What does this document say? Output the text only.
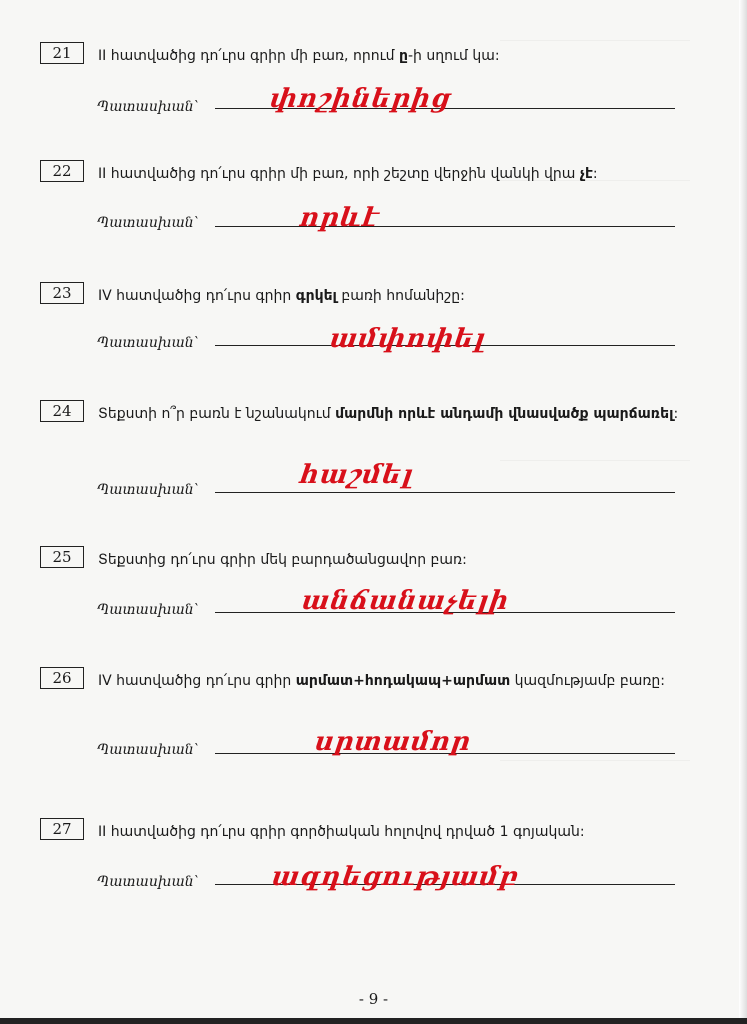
21	II հատվածից դո՛ւրս գրիր մի բառ, որում ը-ի սղում կա:
Պատասխան՝	փոշիներից
22	II հատվածից դո՛ւրս գրիր մի բառ, որի շեշտը վերջին վանկի վրա չէ:
Պատասխան՝	որևէ
23	IV հատվածից դո՛ւրս գրիր գրկել բառի հոմանիշը:
Պատասխան՝	ամփոփել
24	Տեքստի ո՞ր բառն է նշանակում մարմնի որևէ անդամի վնասվածք պարճառել:
Պատասխան՝	հաշմել
25	Տեքստից դո՛ւրս գրիր մեկ բարդածանցավոր բառ:
Պատասխան՝	անճանաչելի
26	IV հատվածից դո՛ւրս գրիր արմատ+հոդակապ+արմատ կազմությամբ բառը:
Պատասխան՝	սրտամոր
27	II հատվածից դո՛ւրս գրիր գործիական հոլովով դրված 1 գոյական:
Պատասխան՝	ազդեցությամբ
- 9 -
